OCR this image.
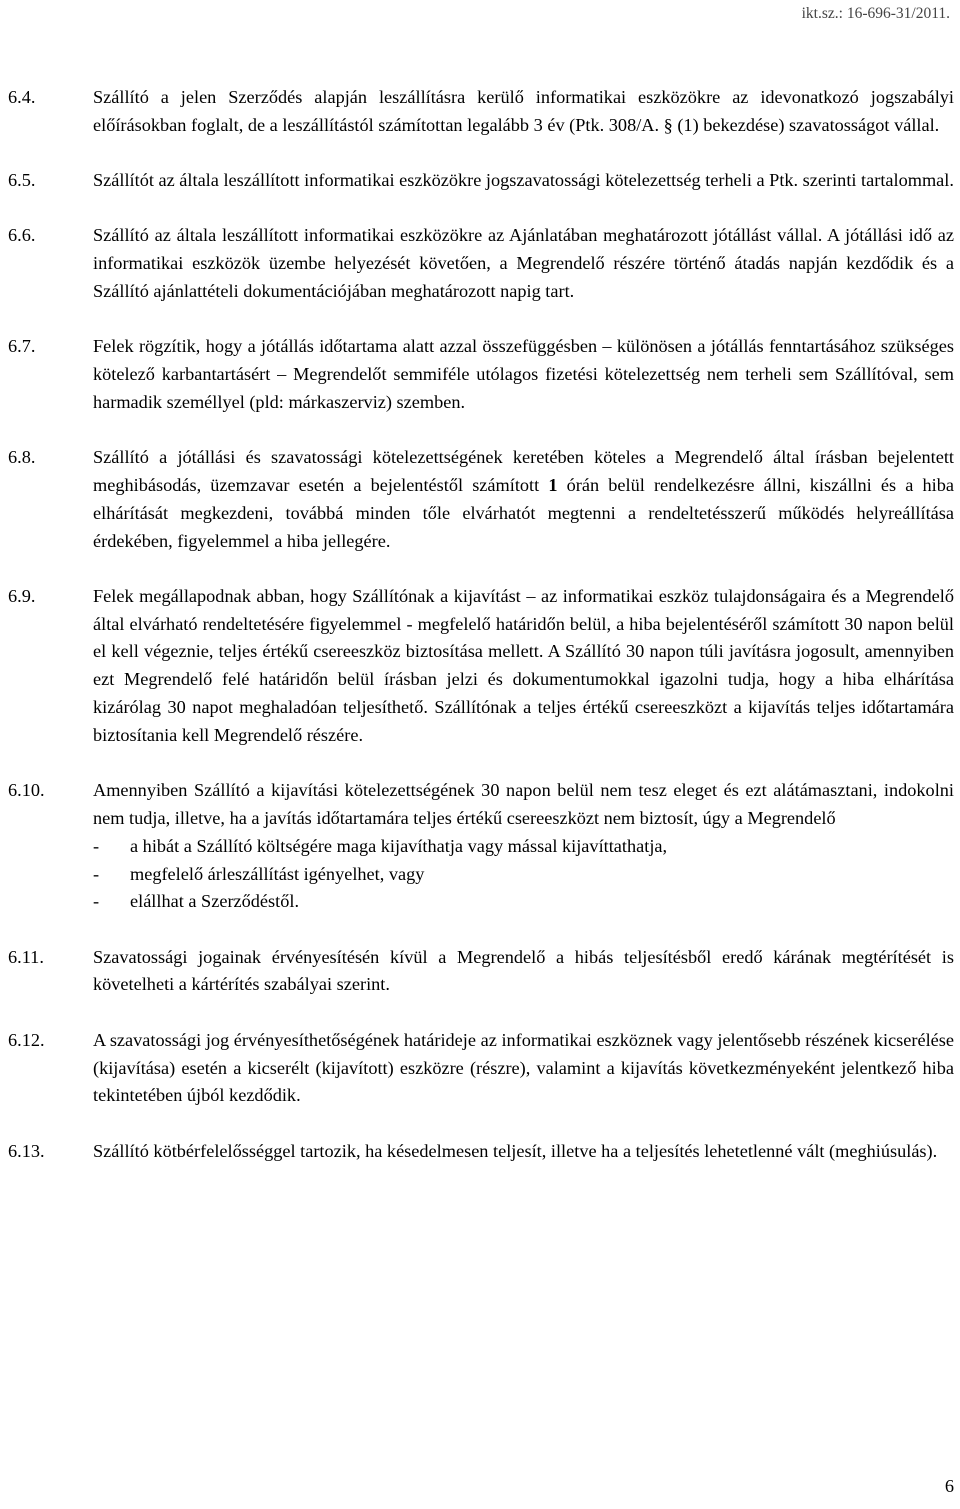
ikt.sz.: 16-696-31/2011.
6.4.	Szállító a jelen Szerződés alapján leszállításra kerülő informatikai eszközökre az idevonatkozó jogszabályi előírásokban foglalt, de a leszállítástól számítottan legalább 3 év (Ptk. 308/A. § (1) bekezdése) szavatosságot vállal.
6.5.	Szállítót az általa leszállított informatikai eszközökre jogszavatossági kötelezettség terheli a Ptk. szerinti tartalommal.
6.6.	Szállító az általa leszállított informatikai eszközökre az Ajánlatában meghatározott jótállást vállal. A jótállási idő az informatikai eszközök üzembe helyezését követően, a Megrendelő részére történő átadás napján kezdődik és a Szállító ajánlattételi dokumentációjában meghatározott napig tart.
6.7.	Felek rögzítik, hogy a jótállás időtartama alatt azzal összefüggésben – különösen a jótállás fenntartásához szükséges kötelező karbantartásért – Megrendelőt semmiféle utólagos fizetési kötelezettség nem terheli sem Szállítóval, sem harmadik személlyel (pld: márkaszerviz) szemben.
6.8.	Szállító a jótállási és szavatossági kötelezettségének keretében köteles a Megrendelő által írásban bejelentett meghibásodás, üzemzavar esetén a bejelentéstől számított 1 órán belül rendelkezésre állni, kiszállni és a hiba elhárítását megkezdeni, továbbá minden tőle elvárhatót megtenni a rendeltetésszerű működés helyreállítása érdekében, figyelemmel a hiba jellegére.
6.9.	Felek megállapodnak abban, hogy Szállítónak a kijavítást – az informatikai eszköz tulajdonságaira és a Megrendelő által elvárható rendeltetésére figyelemmel - megfelelő határidőn belül, a hiba bejelentéséről számított 30 napon belül el kell végeznie, teljes értékű csereeszköz biztosítása mellett. A Szállító 30 napon túli javításra jogosult, amennyiben ezt Megrendelő felé határidőn belül írásban jelzi és dokumentumokkal igazolni tudja, hogy a hiba elhárítása kizárólag 30 napot meghaladóan teljesíthető. Szállítónak a teljes értékű csereeszközt a kijavítás teljes időtartamára biztosítania kell Megrendelő részére.
6.10.	Amennyiben Szállító a kijavítási kötelezettségének 30 napon belül nem tesz eleget és ezt alátámasztani, indokolni nem tudja, illetve, ha a javítás időtartamára teljes értékű csereeszközt nem biztosít, úgy a Megrendelő
-	a hibát a Szállító költségére maga kijavíthatja vagy mással kijavíttathatja,
-	megfelelő árleszállítást igényelhet, vagy
-	elállhat a Szerződéstől.
6.11.	Szavatossági jogainak érvényesítésén kívül a Megrendelő a hibás teljesítésből eredő kárának megtérítését is követelheti a kártérítés szabályai szerint.
6.12.	A szavatossági jog érvényesíthetőségének határideje az informatikai eszköznek vagy jelentősebb részének kicserélése (kijavítása) esetén a kicserélt (kijavított) eszközre (részre), valamint a kijavítás következményeként jelentkező hiba tekintetében újból kezdődik.
6.13.	Szállító kötbérfelelősséggel tartozik, ha késedelmesen teljesít, illetve ha a teljesítés lehetetlenné vált (meghiúsulás).
6
